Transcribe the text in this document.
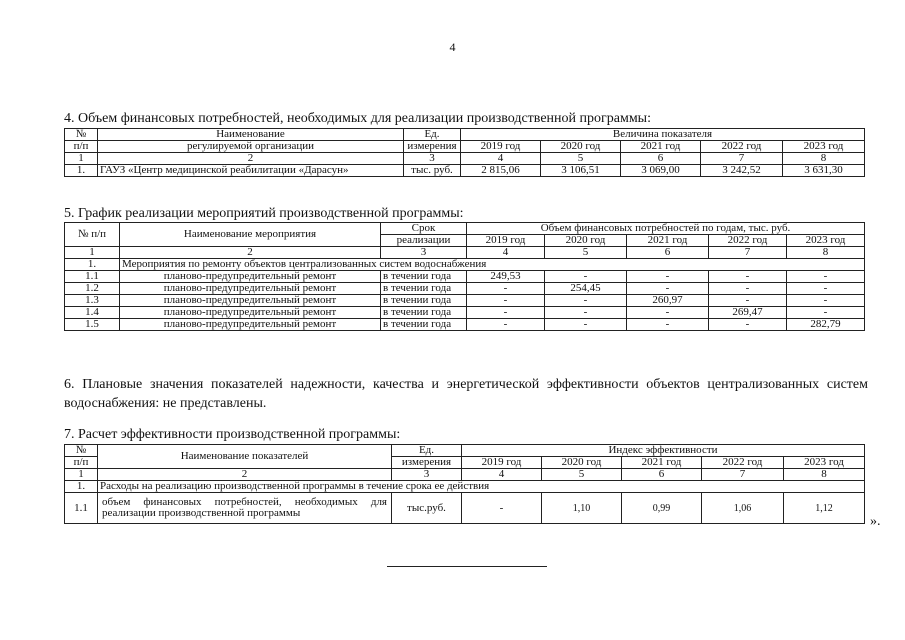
4
4. Объем финансовых потребностей, необходимых для реализации производственной программы:
№	Наименование	Ед.	Величина показателя				
п/п	регулируемой организации	измерения	2019 год	2020 год	2021 год	2022 год	2023 год
1	2	3	4	5	6	7	8
1.	ГАУЗ «Центр медицинской реабилитации «Дарасун»	тыс. руб.	2 815,06	3 106,51	3 069,00	3 242,52	3 631,30
5. График реализации мероприятий производственной программы:
№ п/п	Наименование мероприятия	Срок	Объем финансовых потребностей по годам, тыс. руб.				
		реализации	2019 год	2020 год	2021 год	2022 год	2023 год
1	2	3	4	5	6	7	8
1.	Мероприятия по ремонту объектов централизованных систем водоснабжения						
1.1	планово-предупредительный ремонт	в течении года	249,53	-	-	-	-
1.2	планово-предупредительный ремонт	в течении года	-	254,45	-	-	-
1.3	планово-предупредительный ремонт	в течении года	-	-	260,97	-	-
1.4	планово-предупредительный ремонт	в течении года	-	-	-	269,47	-
1.5	планово-предупредительный ремонт	в течении года	-	-	-	-	282,79
6. Плановые значения показателей надежности, качества и энергетической эффективности объектов централизованных систем водоснабжения: не представлены.
7. Расчет эффективности производственной программы:
№	Наименование показателей	Ед.	Индекс эффективности				
п/п		измерения	2019 год	2020 год	2021 год	2022 год	2023 год
1	2	3	4	5	6	7	8
1.	Расходы на реализацию производственной программы в течение срока ее действия						
1.1	объем финансовых потребностей, необходимых для реализации производственной программы	тыс.руб.	-	1,10	0,99	1,06	1,12
».
